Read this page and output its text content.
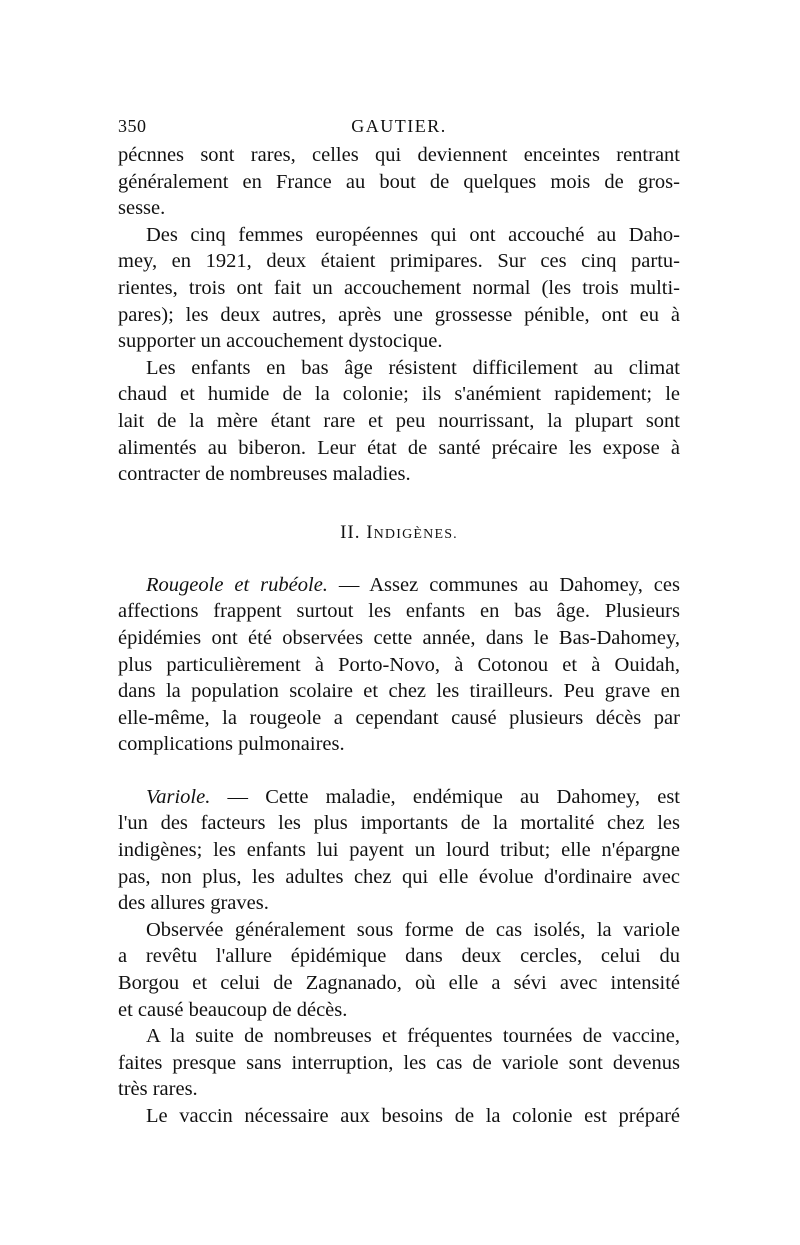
350	GAUTIER.
pécnnes sont rares, celles qui deviennent enceintes rentrant
généralement en France au bout de quelques mois de gros-
sesse.
Des cinq femmes européennes qui ont accouché au Daho-
mey, en 1921, deux étaient primipares. Sur ces cinq partu-
rientes, trois ont fait un accouchement normal (les trois multi-
pares); les deux autres, après une grossesse pénible, ont eu à
supporter un accouchement dystocique.
Les enfants en bas âge résistent difficilement au climat
chaud et humide de la colonie; ils s'anémient rapidement; le
lait de la mère étant rare et peu nourrissant, la plupart sont
alimentés au biberon. Leur état de santé précaire les expose à
contracter de nombreuses maladies.
II. INDIGÈNES.
Rougeole et rubéole. — Assez communes au Dahomey, ces
affections frappent surtout les enfants en bas âge. Plusieurs
épidémies ont été observées cette année, dans le Bas-Dahomey,
plus particulièrement à Porto-Novo, à Cotonou et à Ouidah,
dans la population scolaire et chez les tirailleurs. Peu grave en
elle-même, la rougeole a cependant causé plusieurs décès par
complications pulmonaires.
Variole. — Cette maladie, endémique au Dahomey, est
l'un des facteurs les plus importants de la mortalité chez les
indigènes; les enfants lui payent un lourd tribut; elle n'épargne
pas, non plus, les adultes chez qui elle évolue d'ordinaire avec
des allures graves.
Observée généralement sous forme de cas isolés, la variole
a revêtu l'allure épidémique dans deux cercles, celui du
Borgou et celui de Zagnanado, où elle a sévi avec intensité
et causé beaucoup de décès.
A la suite de nombreuses et fréquentes tournées de vaccine,
faites presque sans interruption, les cas de variole sont devenus
très rares.
Le vaccin nécessaire aux besoins de la colonie est préparé
